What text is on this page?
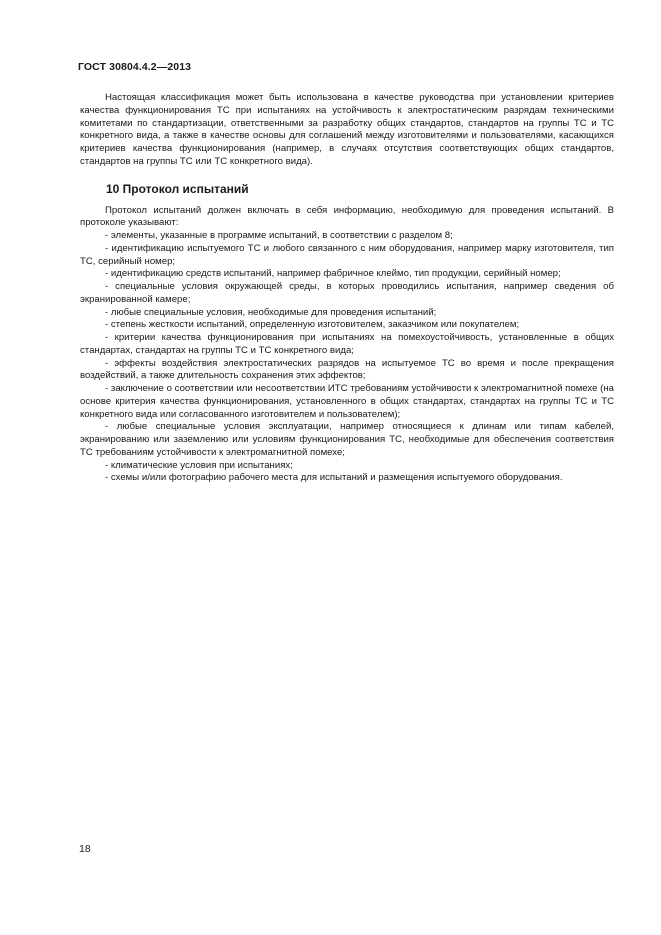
ГОСТ 30804.4.2—2013

Настоящая классификация может быть использована в качестве руководства при установлении критериев качества функционирования ТС при испытаниях на устойчивость к электростатическим разрядам техническими комитетами по стандартизации, ответственными за разработку общих стандартов, стандартов на группы ТС и ТС конкретного вида, а также в качестве основы для соглашений между изготовителями и пользователями, касающихся критериев качества функционирования (например, в случаях отсутствия соответствующих общих стандартов, стандартов на группы ТС или ТС конкретного вида).

10 Протокол испытаний

Протокол испытаний должен включать в себя информацию, необходимую для проведения испытаний. В протоколе указывают:

- элементы, указанные в программе испытаний, в соответствии с разделом 8;

- идентификацию испытуемого ТС и любого связанного с ним оборудования, например марку изготовителя, тип ТС, серийный номер;

- идентификацию средств испытаний, например фабричное клеймо, тип продукции, серийный номер;

- специальные условия окружающей среды, в которых проводились испытания, например сведения об экранированной камере;

- любые специальные условия, необходимые для проведения испытаний;

- степень жесткости испытаний, определенную изготовителем, заказчиком или покупателем;

- критерии качества функционирования при испытаниях на помехоустойчивость, установленные в общих стандартах, стандартах на группы ТС и ТС конкретного вида;

- эффекты воздействия электростатических разрядов на испытуемое ТС во время и после прекращения воздействий, а также длительность сохранения этих эффектов;

- заключение о соответствии или несоответствии ИТС требованиям устойчивости к электромагнитной помехе (на основе критерия качества функционирования, установленного в общих стандартах, стандартах на группы ТС и ТС конкретного вида или согласованного изготовителем и пользователем);

- любые специальные условия эксплуатации, например относящиеся к длинам или типам кабелей, экранированию или заземлению или условиям функционирования ТС, необходимые для обеспечения соответствия ТС требованиям устойчивости к электромагнитной помехе;

- климатические условия при испытаниях;

- схемы и/или фотографию рабочего места для испытаний и размещения испытуемого оборудования.

18
